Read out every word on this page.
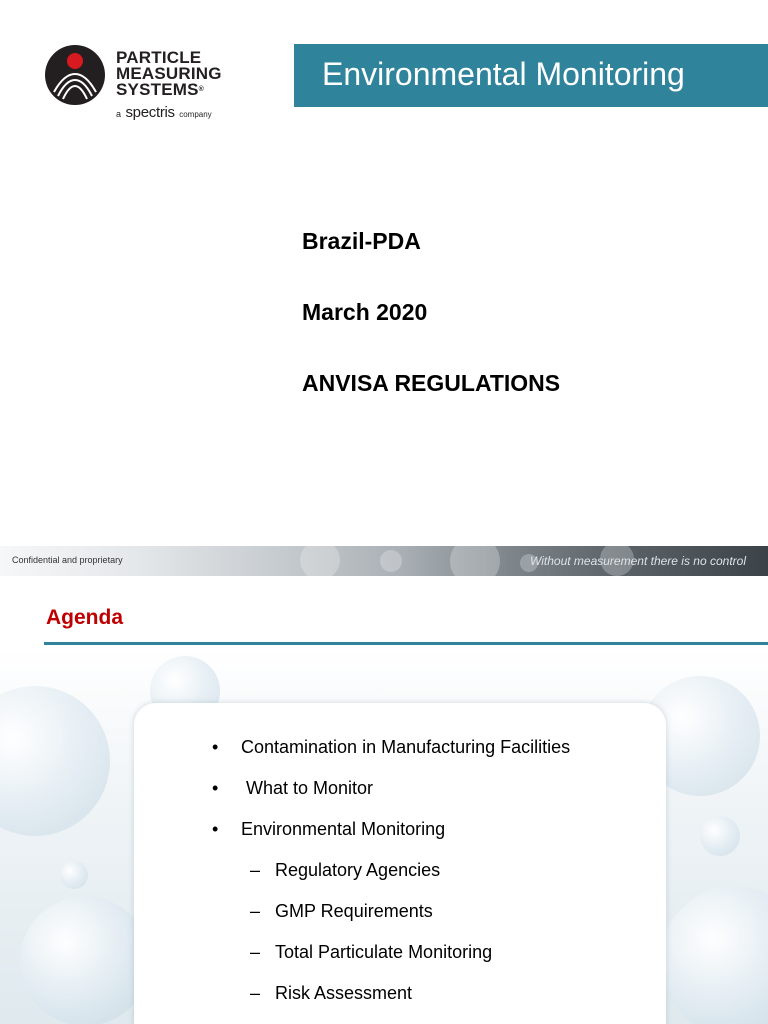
PARTICLE
MEASURING
SYSTEMS®
a spectris company
Environmental Monitoring
Brazil-PDA
March 2020
ANVISA REGULATIONS
Confidential and proprietary	Without measurement there is no control
Agenda
• Contamination in Manufacturing Facilities
• What to Monitor
• Environmental Monitoring
– Regulatory Agencies
– GMP Requirements
– Total Particulate Monitoring
– Risk Assessment
